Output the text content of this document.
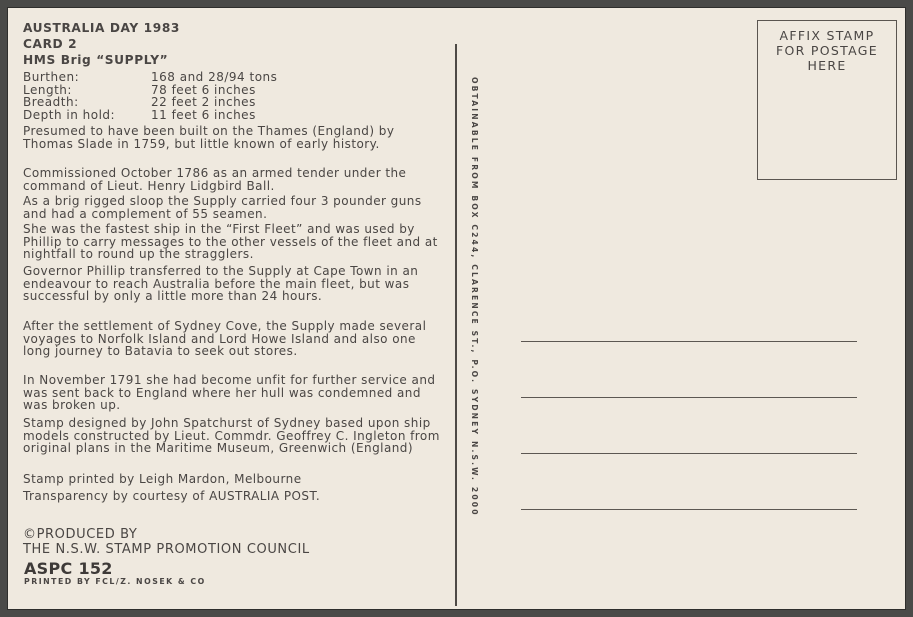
AUSTRALIA DAY 1983
CARD 2
HMS Brig “SUPPLY”
Burthen:	168 and 28/94 tons
Length:	78 feet 6 inches
Breadth:	22 feet 2 inches
Depth in hold:	11 feet 6 inches
Presumed to have been built on the Thames (England) by Thomas Slade in 1759, but little known of early history.
Commissioned October 1786 as an armed tender under the command of Lieut. Henry Lidgbird Ball.
As a brig rigged sloop the Supply carried four 3 pounder guns and had a complement of 55 seamen.
She was the fastest ship in the “First Fleet” and was used by Phillip to carry messages to the other vessels of the fleet and at nightfall to round up the stragglers.
Governor Phillip transferred to the Supply at Cape Town in an endeavour to reach Australia before the main fleet, but was successful by only a little more than 24 hours.
After the settlement of Sydney Cove, the Supply made several voyages to Norfolk Island and Lord Howe Island and also one long journey to Batavia to seek out stores.
In November 1791 she had become unfit for further service and was sent back to England where her hull was condemned and was broken up.
Stamp designed by John Spatchurst of Sydney based upon ship models constructed by Lieut. Commdr. Geoffrey C. Ingleton from original plans in the Maritime Museum, Greenwich (England)
Stamp printed by Leigh Mardon, Melbourne
Transparency by courtesy of AUSTRALIA POST.
©PRODUCED BY
THE N.S.W. STAMP PROMOTION COUNCIL
ASPC 152
PRINTED BY FCL/Z. NOSEK & CO
OBTAINABLE FROM BOX C244, CLARENCE ST., P.O. SYDNEY N.S.W. 2000
AFFIX STAMP
FOR POSTAGE
HERE
